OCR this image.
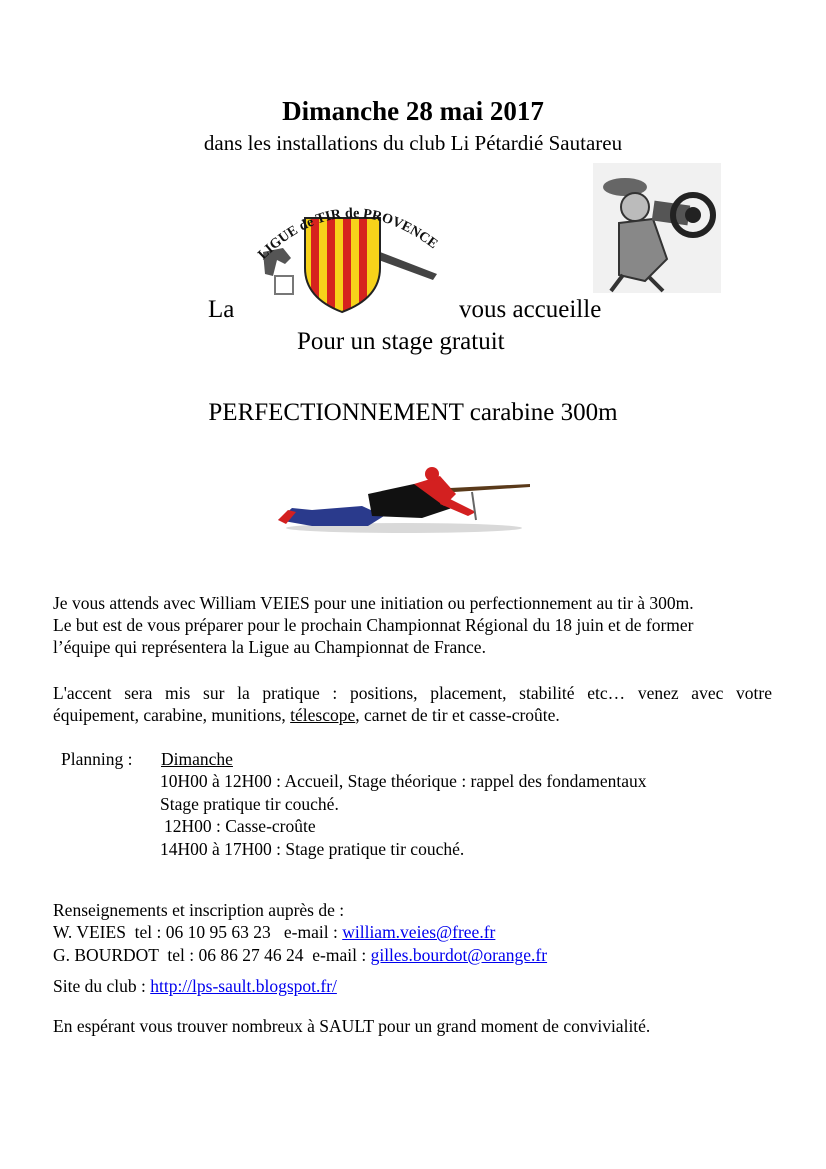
Dimanche 28 mai 2017
dans les installations du club Li Pétardié Sautareu
LIGUE de TIR de PROVENCE
La	vous accueille
Pour un stage gratuit
PERFECTIONNEMENT carabine 300m
Je vous attends avec William VEIES pour une initiation ou perfectionnement au tir à 300m.
Le but est de vous préparer pour le prochain Championnat Régional du 18 juin et de former
l’équipe qui représentera la Ligue au Championnat de France.
L'accent sera mis sur la pratique : positions, placement, stabilité etc… venez avec votre
équipement, carabine, munitions, télescope, carnet de tir et casse-croûte.
Planning : Dimanche
10H00 à 12H00 : Accueil, Stage théorique : rappel des fondamentaux
Stage pratique tir couché.
12H00 : Casse-croûte
14H00 à 17H00 : Stage pratique tir couché.
Renseignements et inscription auprès de :
W. VEIES  tel : 06 10 95 63 23   e-mail : william.veies@free.fr
G. BOURDOT  tel : 06 86 27 46 24  e-mail : gilles.bourdot@orange.fr
Site du club : http://lps-sault.blogspot.fr/
En espérant vous trouver nombreux à SAULT pour un grand moment de convivialité.
